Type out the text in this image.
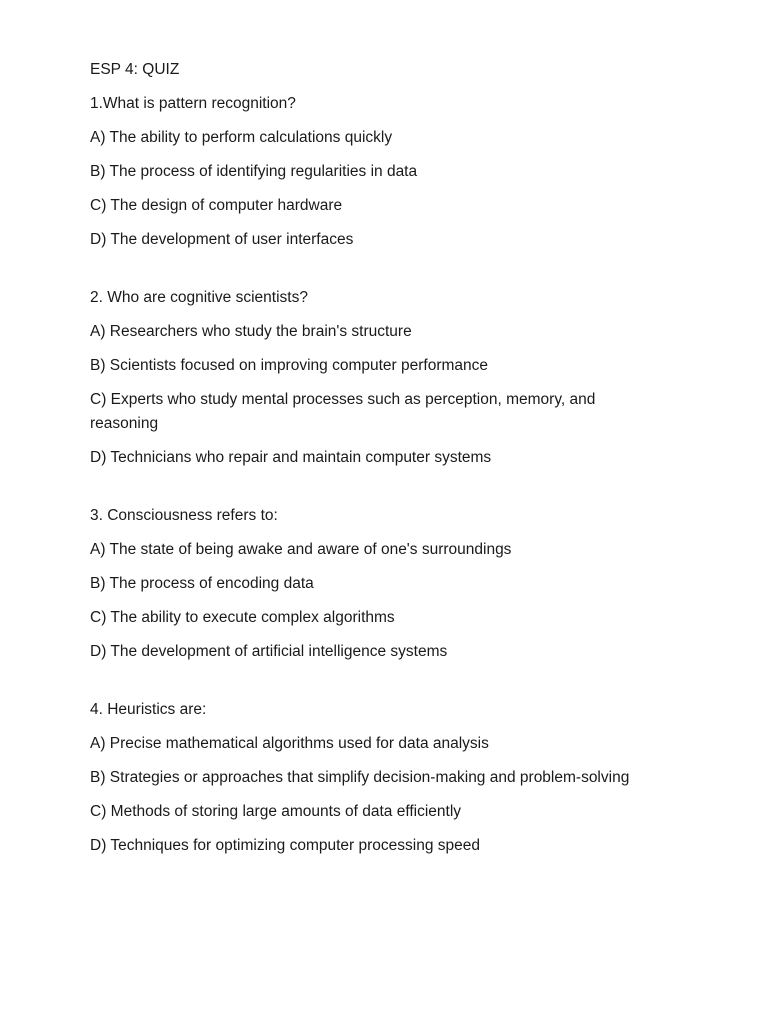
ESP 4: QUIZ
1.What is pattern recognition?
A) The ability to perform calculations quickly
B) The process of identifying regularities in data
C) The design of computer hardware
D) The development of user interfaces
2. Who are cognitive scientists?
A) Researchers who study the brain's structure
B) Scientists focused on improving computer performance
C) Experts who study mental processes such as perception, memory, and reasoning
D) Technicians who repair and maintain computer systems
3. Consciousness refers to:
A) The state of being awake and aware of one's surroundings
B) The process of encoding data
C) The ability to execute complex algorithms
D) The development of artificial intelligence systems
4. Heuristics are:
A) Precise mathematical algorithms used for data analysis
B) Strategies or approaches that simplify decision-making and problem-solving
C) Methods of storing large amounts of data efficiently
D) Techniques for optimizing computer processing speed
